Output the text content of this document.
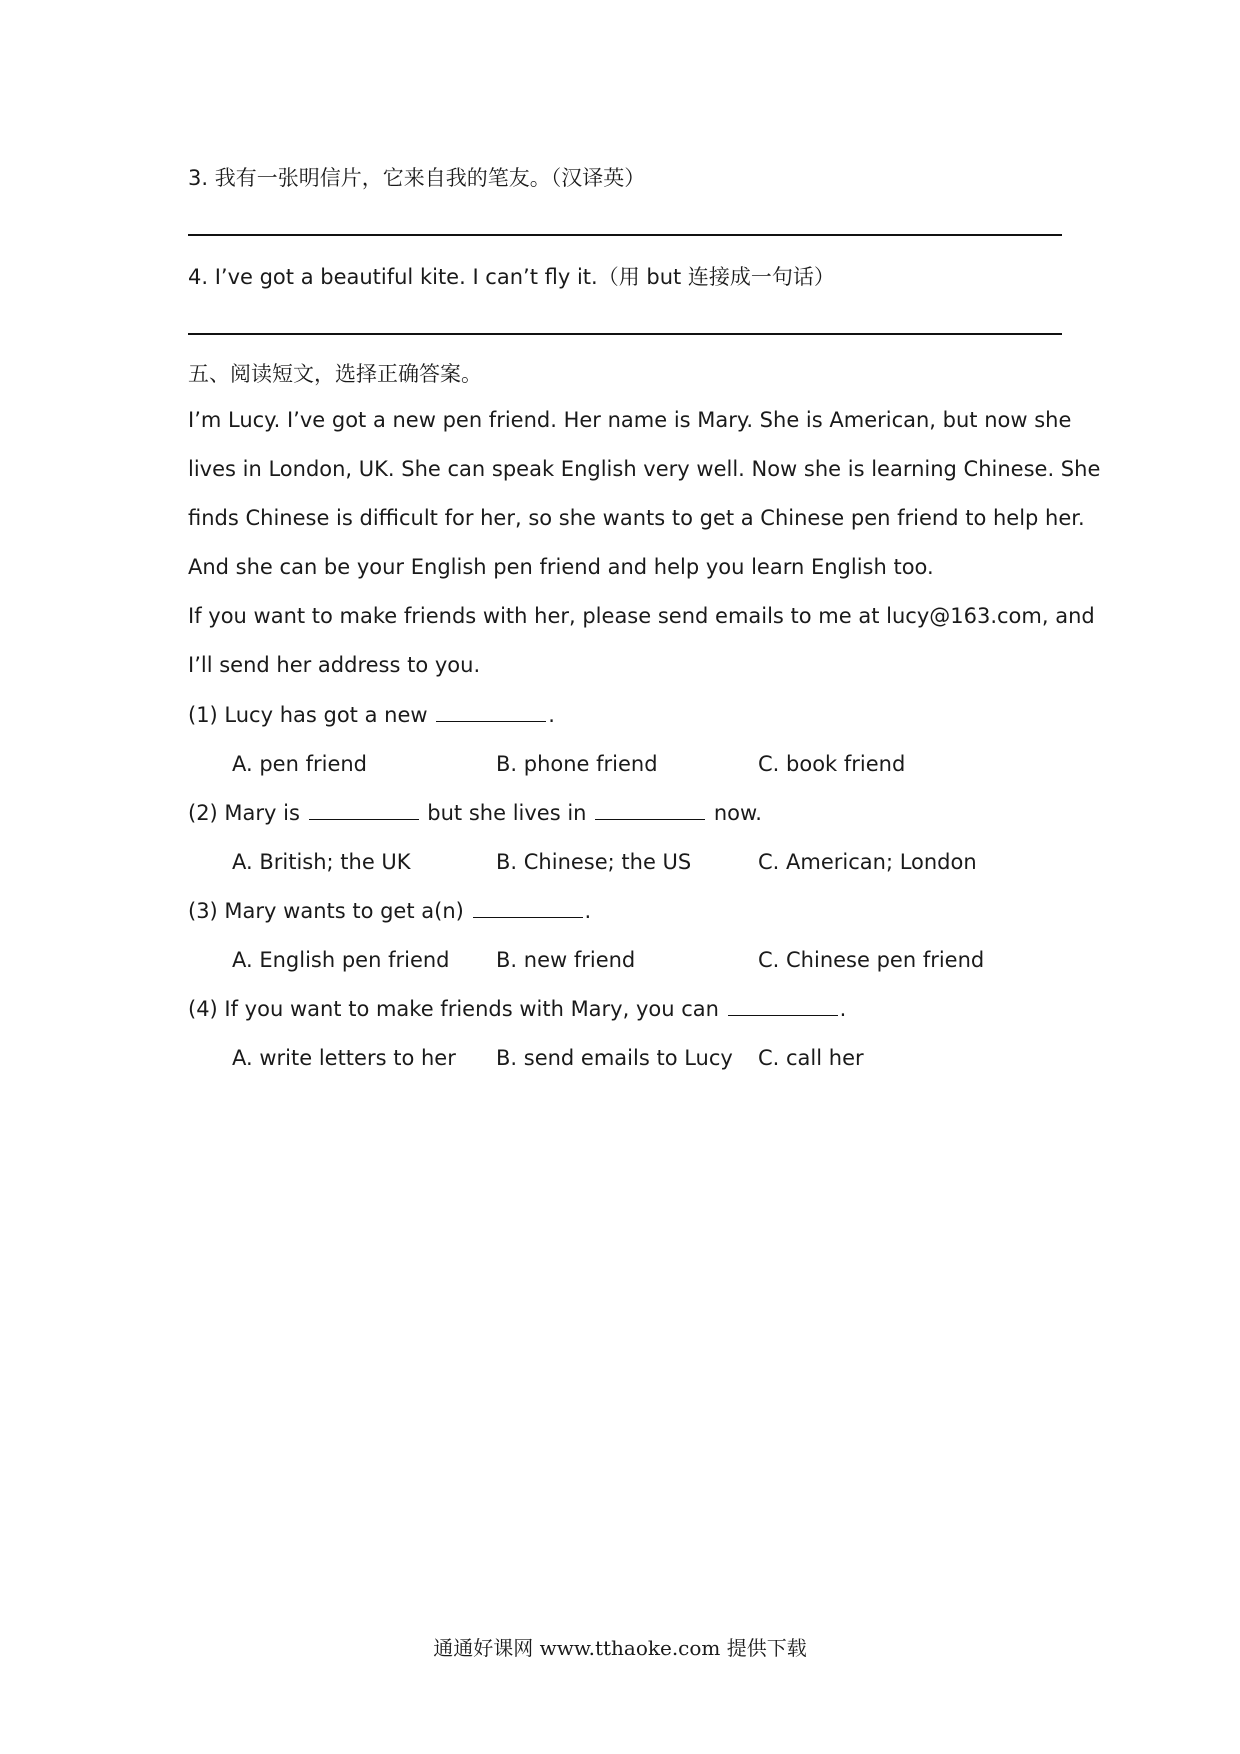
3. 我有一张明信片，它来自我的笔友。（汉译英）
4. I’ve got a beautiful kite. I can’t fly it.（用 but 连接成一句话）
五、阅读短文，选择正确答案。
I’m Lucy. I’ve got a new pen friend. Her name is Mary. She is American, but now she
lives in London, UK. She can speak English very well. Now she is learning Chinese. She
finds Chinese is difficult for her, so she wants to get a Chinese pen friend to help her.
And she can be your English pen friend and help you learn English too.
If you want to make friends with her, please send emails to me at lucy@163.com, and
I’ll send her address to you.
(1) Lucy has got a new	.
A. pen friend	B. phone friend	C. book friend
(2) Mary is	but she lives in	now.
A. British; the UK	B. Chinese; the US	C. American; London
(3) Mary wants to get a(n)	.
A. English pen friend B. new friend	C. Chinese pen friend
(4) If you want to make friends with Mary, you can	.
A. write letters to her B. send emails to Lucy C. call her
通通好课网 www.tthaoke.com 提供下载
